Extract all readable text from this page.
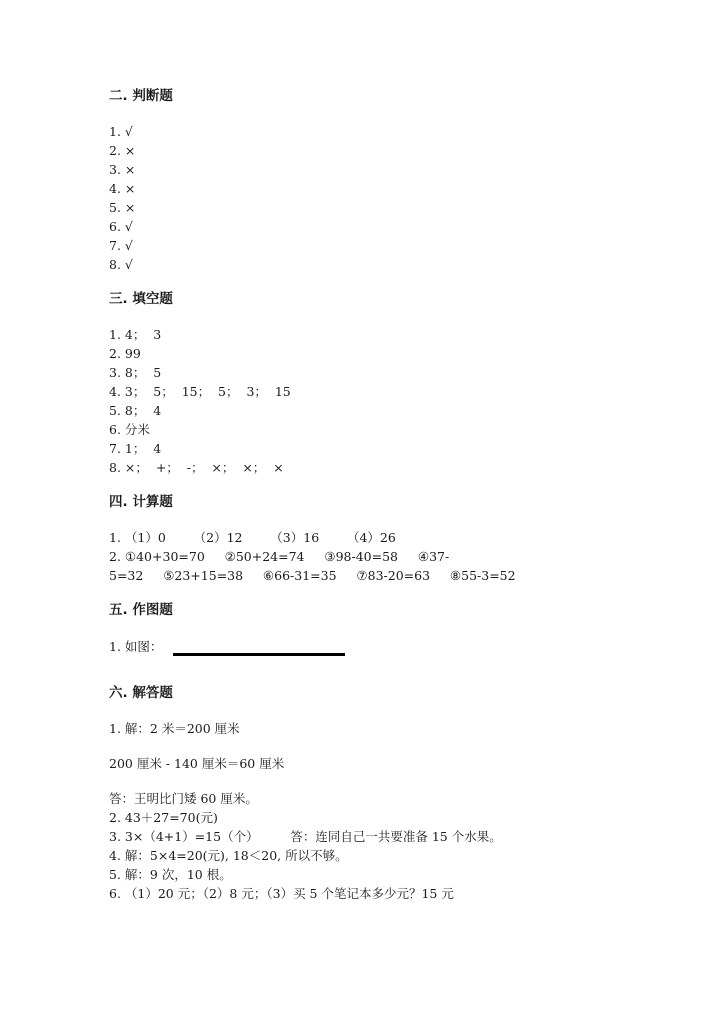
二. 判断题
1. √
2. ×
3. ×
4. ×
5. ×
6. √
7. √
8. √
三. 填空题
1. 4；  3
2. 99
3. 8；  5
4. 3；  5；  15；  5；  3；  15
5. 8；  4
6. 分米
7. 1；  4
8. ×；  +；  -；  ×；  ×；  ×
四. 计算题
1. （1）0       （2）12       （3）16       （4）26
2. ①40+30=70     ②50+24=74     ③98-40=58     ④37-
5=32     ⑤23+15=38     ⑥66-31=35     ⑦83-20=63     ⑧55-3=52
五. 作图题
1. 如图：
六. 解答题
1. 解：2 米＝200 厘米
200 厘米 - 140 厘米＝60 厘米
答：王明比门矮 60 厘米。
2. 43＋27=70(元)
3. 3×（4+1）=15（个）        答：连同自己一共要准备 15 个水果。
4. 解：5×4=20(元), 18＜20, 所以不够。
5. 解：9 次，10 根。
6. （1）20 元；（2）8 元；（3）买 5 个笔记本多少元？15 元
